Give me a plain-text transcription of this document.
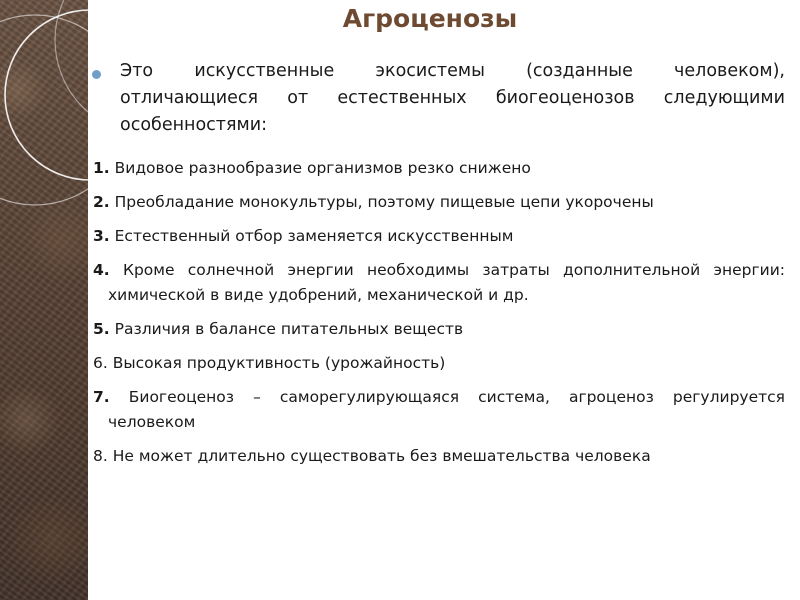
Агроценозы
Это искусственные экосистемы (созданные человеком), отличающиеся от естественных биогеоценозов следующими особенностями:
1. Видовое разнообразие организмов резко снижено
2. Преобладание монокультуры, поэтому пищевые цепи укорочены
3. Естественный отбор заменяется искусственным
4. Кроме солнечной энергии необходимы затраты дополнительной энергии: химической в виде удобрений, механической и др.
5. Различия в балансе питательных веществ
6. Высокая продуктивность (урожайность)
7. Биогеоценоз – саморегулирующаяся система, агроценоз регулируется человеком
8. Не может длительно существовать без вмешательства человека
